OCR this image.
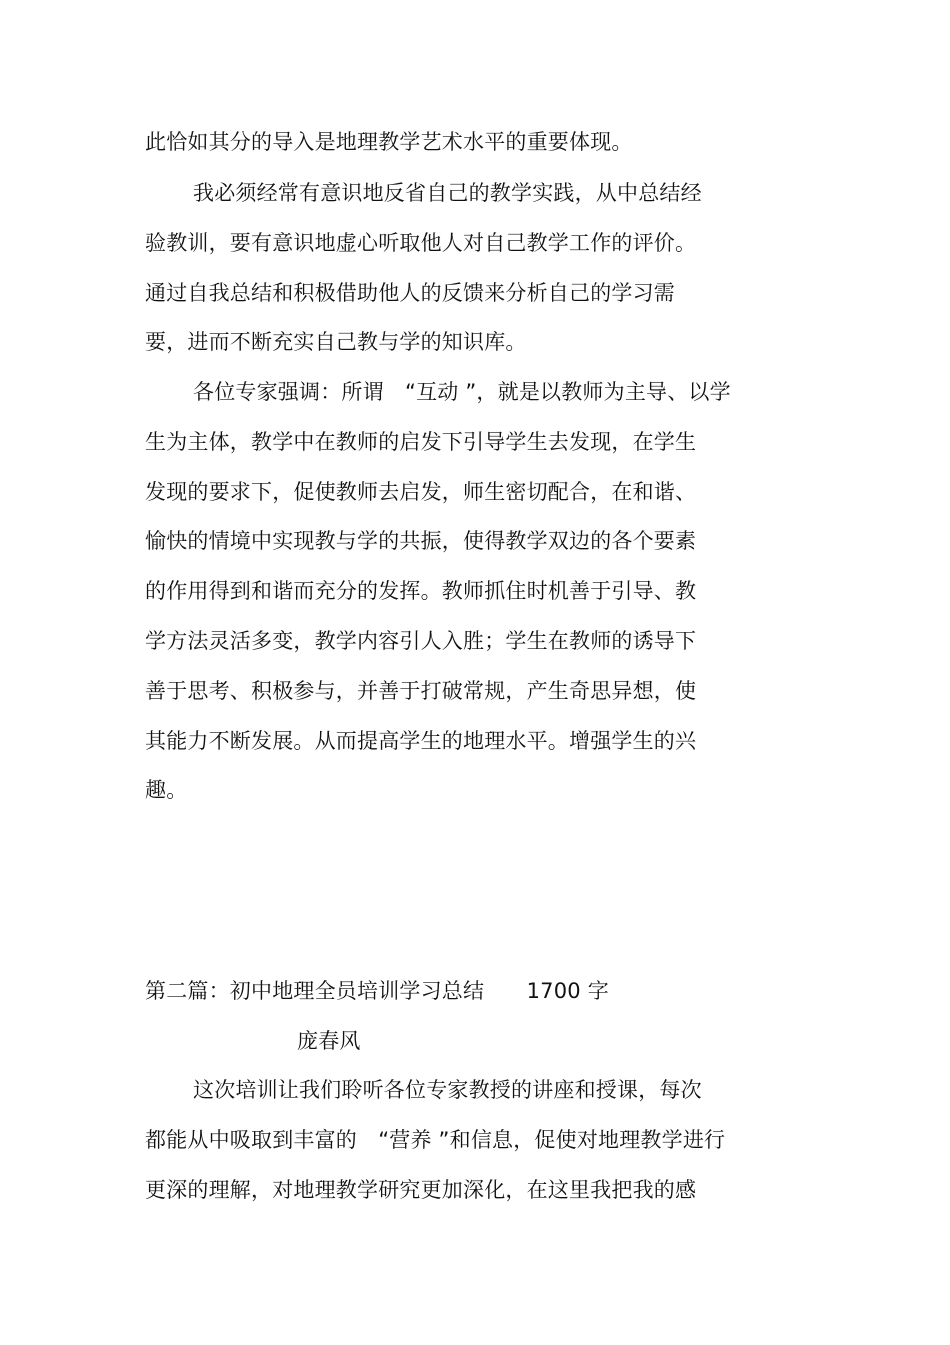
此恰如其分的导入是地理教学艺术水平的重要体现。
我必须经常有意识地反省自己的教学实践，从中总结经
验教训，要有意识地虚心听取他人对自己教学工作的评价。
通过自我总结和积极借助他人的反馈来分析自己的学习需
要，进而不断充实自己教与学的知识库。
各位专家强调：所谓　“互动 ”，就是以教师为主导、以学
生为主体，教学中在教师的启发下引导学生去发现，在学生
发现的要求下，促使教师去启发，师生密切配合，在和谐、
愉快的情境中实现教与学的共振，使得教学双边的各个要素
的作用得到和谐而充分的发挥。教师抓住时机善于引导、教
学方法灵活多变，教学内容引人入胜；学生在教师的诱导下
善于思考、积极参与，并善于打破常规，产生奇思异想，使
其能力不断发展。从而提高学生的地理水平。增强学生的兴
趣。
第二篇：初中地理全员培训学习总结　　1700 字
庞春风
这次培训让我们聆听各位专家教授的讲座和授课，每次
都能从中吸取到丰富的　“营养 ”和信息，促使对地理教学进行
更深的理解，对地理教学研究更加深化，在这里我把我的感
